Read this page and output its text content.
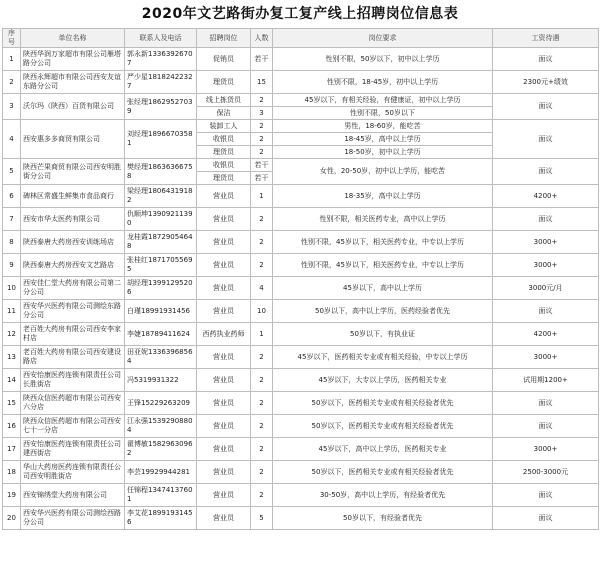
2020年文艺路街办复工复产线上招聘岗位信息表
序号	单位名称	联系人及电话	招聘岗位	人数	岗位要求	工资待遇
1	陕西华润万家超市有限公司雁塔路分公司	郭永新13363926707	促销员	若干	性别不限，50岁以下，初中以上学历	面议
2	陕西永辉超市有限公司西安友谊东路分公司	严少星18182422327	理货员	15	性别不限，18-45岁，初中以上学历	2300元+绩效
3	沃尔玛（陕西）百货有限公司	张经理18629527039	线上拣货员	2	45岁以下，有相关经验，有健康证，初中以上学历	面议
			保洁	3	性别不限，50岁以下	
4	西安惠多多商贸有限公司	刘经理18966703581	装卸工人	2	男性，18-60岁，能吃苦	面议
			收银员	2	18-45岁，高中以上学历	
			理货员	2	18-50岁，初中以上学历	
5	陕西芒果商贸有限公司西安明胜街分公司	樊经理18636366758	收银员	若干	女性，20-50岁，初中以上学历，能吃苦	面议
			理货员	若干		
6	碑林区常盛生鲜集市食品商行	梁经理18064319182	营业员	1	18-35岁，高中以上学历	4200+
7	西安市华太医药有限公司	仇顺坤13909211390	营业员	2	性别不限，相关医药专业，高中以上学历	面议
8	陕西泰唐大药房西安训练场店	龙桂霞18729054648	营业员	2	性别不限，45岁以下，相关医药专业，中专以上学历	3000+
9	陕西泰唐大药房西安文艺路店	张桂红18717055695	营业员	2	性别不限，45岁以下，相关医药专业，中专以上学历	3000+
10	西安佳仁堂大药房有限公司第二分公司	胡经理13991295206	营业员	4	45岁以下，高中以上学历	3000元/月
11	西安华兴医药有限公司测绘东路分公司	白瑾18991931456	营业员	10	50岁以下，高中以上学历，医药经验者优先	面议
12	老百姓大药房有限公司西安李家村店	李婕18789411624	西药执业药师	1	50岁以下，有执业证	4200+
13	老百姓大药房有限公司西安建设路店	田亚妮13363968564	营业员	2	45岁以下，医药相关专业或有相关经验，中专以上学历	3000+
14	西安怡康医药连锁有限责任公司长胜街店	冯5319931322	营业员	2	45岁以下，大专以上学历，医药相关专业	试用期1200+
15	陕西众信医药超市有限公司西安六分店	王锋15229263209	营业员	2	50岁以下，医药相关专业或有相关经验者优先	面议
16	陕西众信医药超市有限公司西安七十一分店	江永强15392908804	营业员	2	50岁以下，医药相关专业或有相关经验者优先	面议
17	西安怡康医药连锁有限责任公司建西街店	翟博敏15829630962	营业员	2	45岁以下，高中以上学历，医药相关专业	3000+
18	华山大药房医药连锁有限责任公司西安明胜街店	李芸19929944281	营业员	2	50岁以下，医药相关专业或有相关经验者优先	2500-3000元
19	西安锦绣堂大药房有限公司	任锦程13474137601	营业员	2	30-50岁，高中以上学历，有经验者优先	面议
20	西安华兴医药有限公司测绘西路分公司	李艾花18991931456	营业员	5	50岁以下，有经验者优先	面议
